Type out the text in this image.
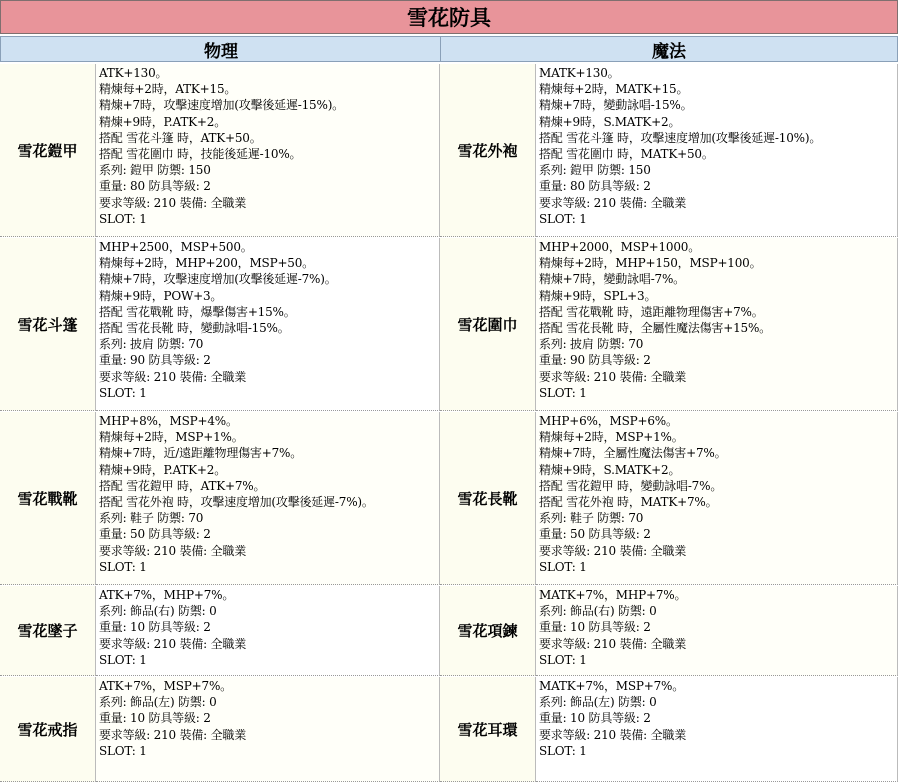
雪花防具
物理	魔法
雪花鎧甲
ATK+130。
精煉每+2時，ATK+15。
精煉+7時，攻擊速度增加(攻擊後延遲-15%)。
精煉+9時，P.ATK+2。
搭配 雪花斗篷 時，ATK+50。
搭配 雪花圍巾 時，技能後延遲-10%。
系列: 鎧甲 防禦: 150
重量: 80 防具等級: 2
要求等級: 210 裝備: 全職業
SLOT: 1
雪花外袍
MATK+130。
精煉每+2時，MATK+15。
精煉+7時，變動詠唱-15%。
精煉+9時，S.MATK+2。
搭配 雪花斗篷 時，攻擊速度增加(攻擊後延遲-10%)。
搭配 雪花圍巾 時，MATK+50。
系列: 鎧甲 防禦: 150
重量: 80 防具等級: 2
要求等級: 210 裝備: 全職業
SLOT: 1
雪花斗篷
MHP+2500，MSP+500。
精煉每+2時，MHP+200，MSP+50。
精煉+7時，攻擊速度增加(攻擊後延遲-7%)。
精煉+9時，POW+3。
搭配 雪花戰靴 時，爆擊傷害+15%。
搭配 雪花長靴 時，變動詠唱-15%。
系列: 披肩 防禦: 70
重量: 90 防具等級: 2
要求等級: 210 裝備: 全職業
SLOT: 1
雪花圍巾
MHP+2000，MSP+1000。
精煉每+2時，MHP+150，MSP+100。
精煉+7時，變動詠唱-7%。
精煉+9時，SPL+3。
搭配 雪花戰靴 時，遠距離物理傷害+7%。
搭配 雪花長靴 時，全屬性魔法傷害+15%。
系列: 披肩 防禦: 70
重量: 90 防具等級: 2
要求等級: 210 裝備: 全職業
SLOT: 1
雪花戰靴
MHP+8%，MSP+4%。
精煉每+2時，MSP+1%。
精煉+7時，近/遠距離物理傷害+7%。
精煉+9時，P.ATK+2。
搭配 雪花鎧甲 時，ATK+7%。
搭配 雪花外袍 時，攻擊速度增加(攻擊後延遲-7%)。
系列: 鞋子 防禦: 70
重量: 50 防具等級: 2
要求等級: 210 裝備: 全職業
SLOT: 1
雪花長靴
MHP+6%，MSP+6%。
精煉每+2時，MSP+1%。
精煉+7時，全屬性魔法傷害+7%。
精煉+9時，S.MATK+2。
搭配 雪花鎧甲 時，變動詠唱-7%。
搭配 雪花外袍 時，MATK+7%。
系列: 鞋子 防禦: 70
重量: 50 防具等級: 2
要求等級: 210 裝備: 全職業
SLOT: 1
雪花墜子
ATK+7%，MHP+7%。
系列: 飾品(右) 防禦: 0
重量: 10 防具等級: 2
要求等級: 210 裝備: 全職業
SLOT: 1
雪花項鍊
MATK+7%，MHP+7%。
系列: 飾品(右) 防禦: 0
重量: 10 防具等級: 2
要求等級: 210 裝備: 全職業
SLOT: 1
雪花戒指
ATK+7%，MSP+7%。
系列: 飾品(左) 防禦: 0
重量: 10 防具等級: 2
要求等級: 210 裝備: 全職業
SLOT: 1
雪花耳環
MATK+7%，MSP+7%。
系列: 飾品(左) 防禦: 0
重量: 10 防具等級: 2
要求等級: 210 裝備: 全職業
SLOT: 1
